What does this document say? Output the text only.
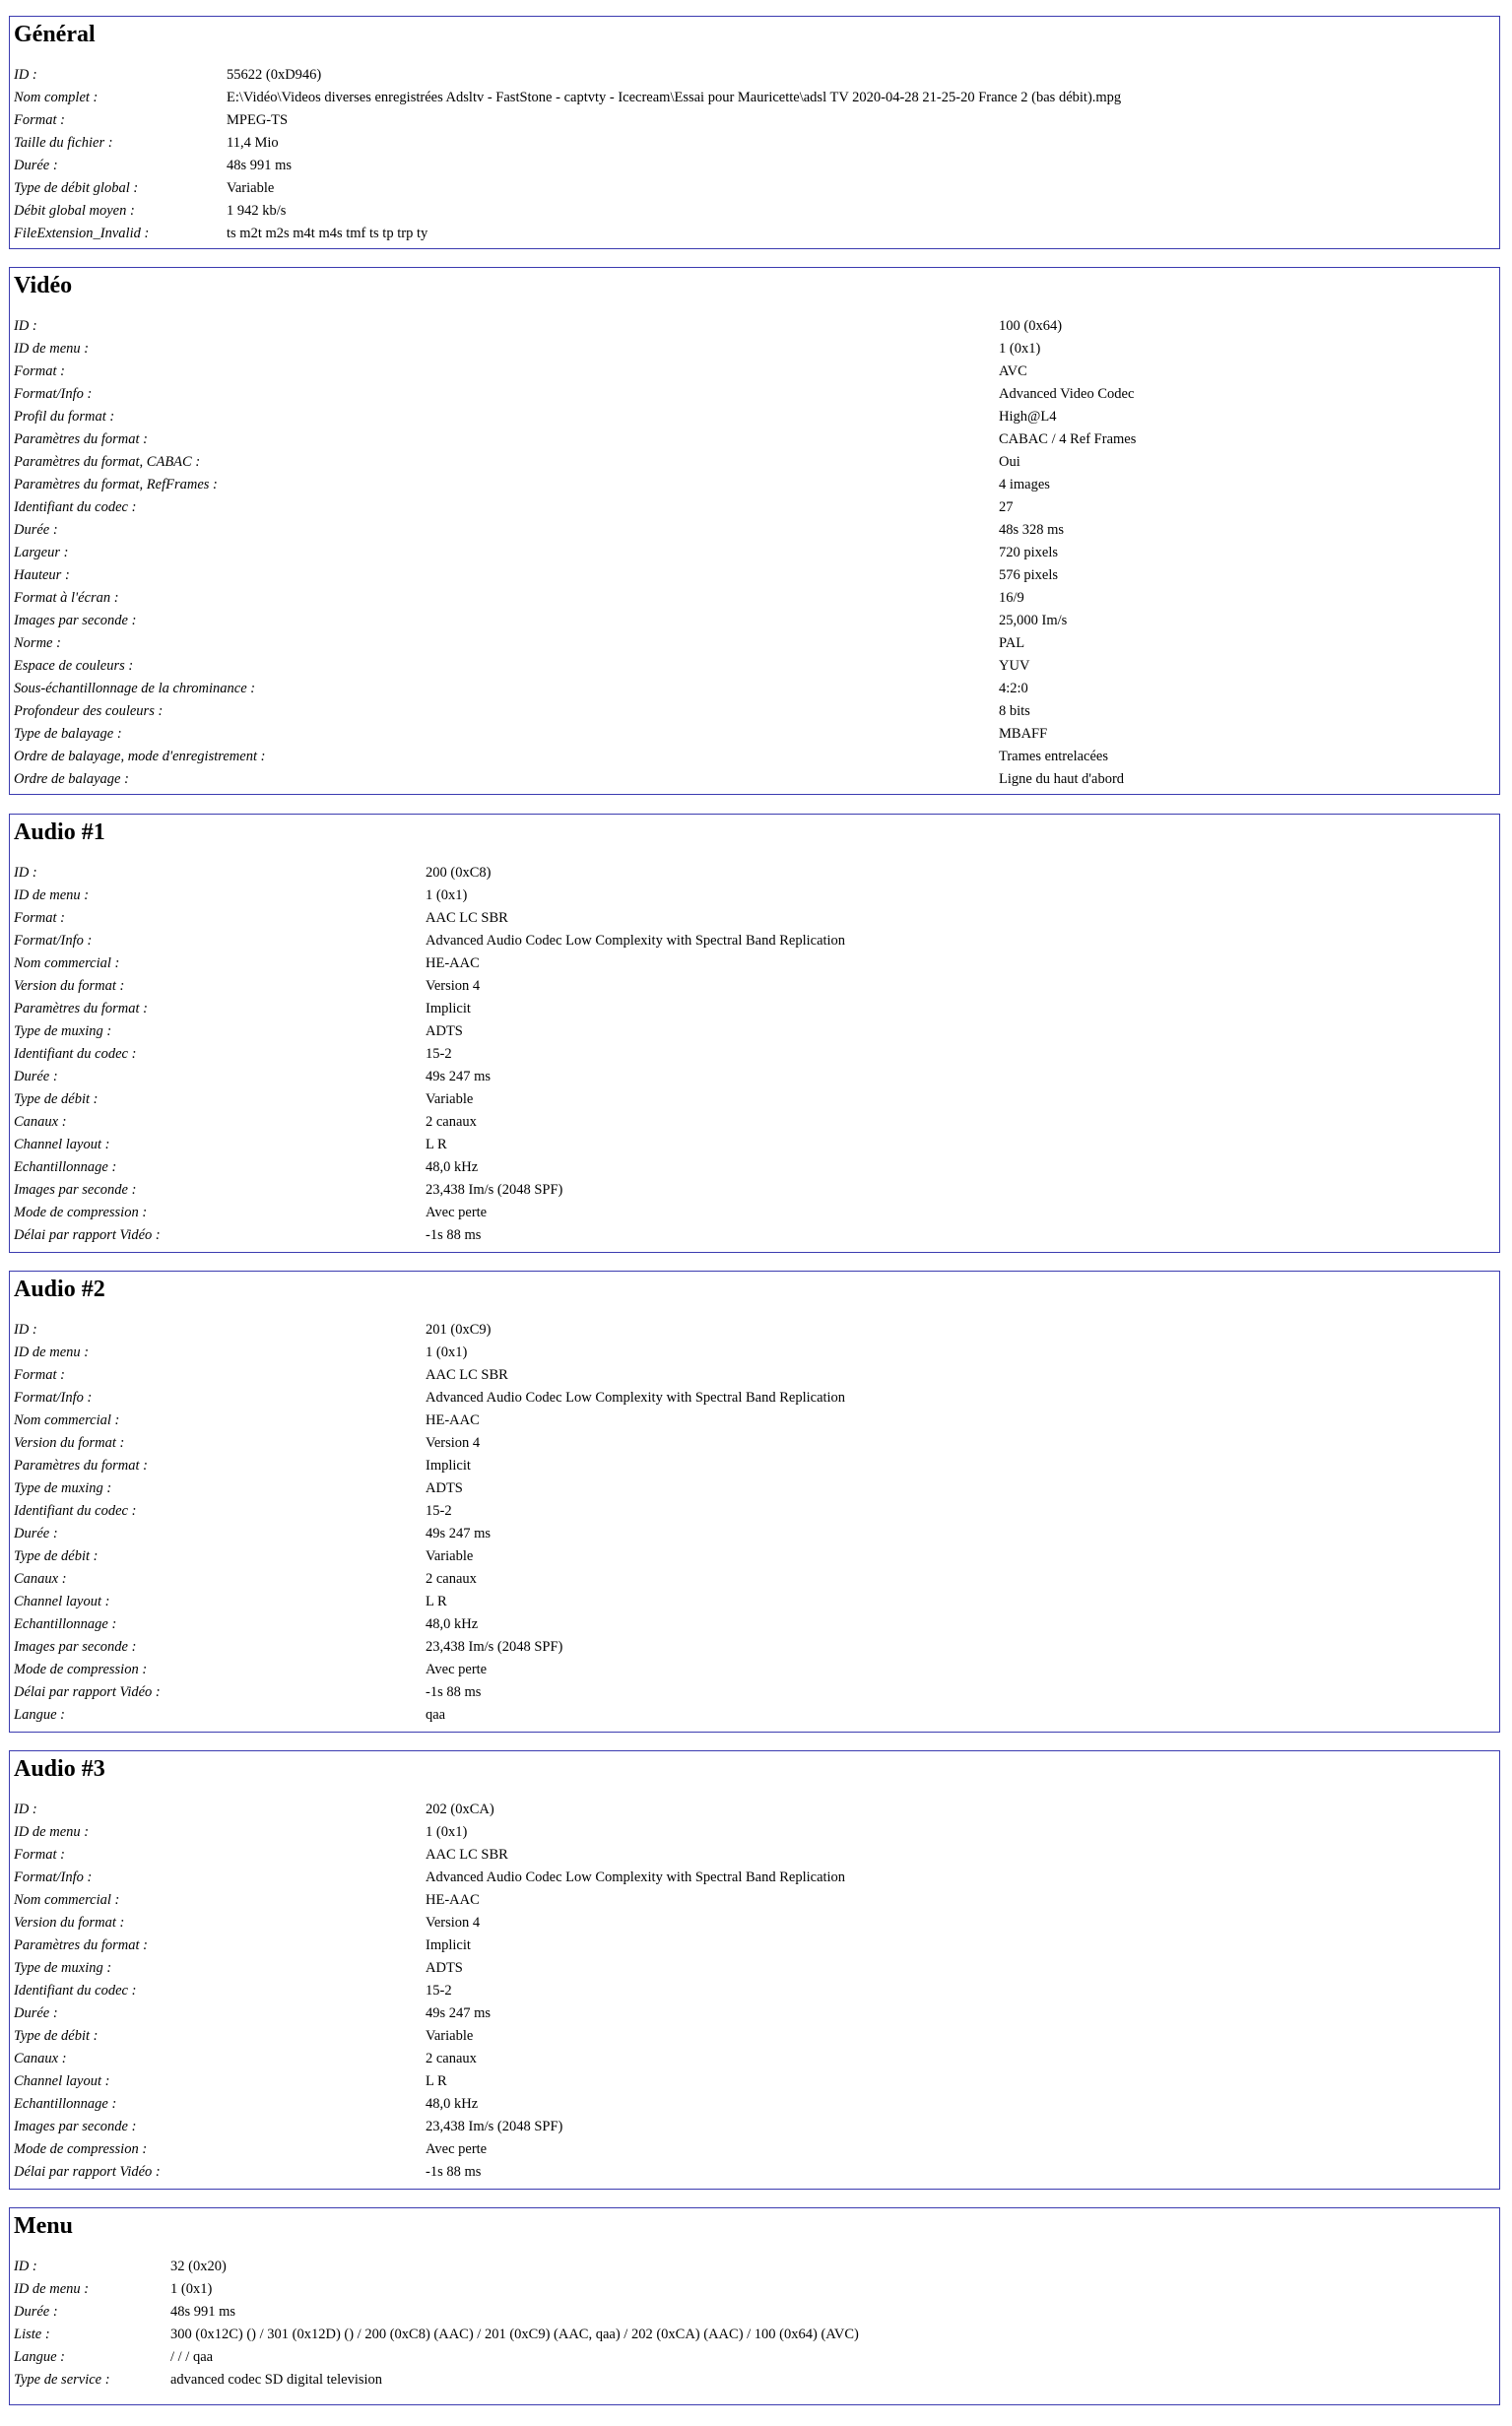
Général
ID :	55622 (0xD946)
Nom complet :	E:\Vidéo\Videos diverses enregistrées Adsltv - FastStone - captvty - Icecream\Essai pour Mauricette\adsl TV 2020-04-28 21-25-20 France 2 (bas débit).mpg
Format :	MPEG-TS
Taille du fichier :	11,4 Mio
Durée :	48s 991 ms
Type de débit global :	Variable
Débit global moyen :	1 942 kb/s
FileExtension_Invalid :	ts m2t m2s m4t m4s tmf ts tp trp ty
Vidéo
ID :	100 (0x64)
ID de menu :	1 (0x1)
Format :	AVC
Format/Info :	Advanced Video Codec
Profil du format :	High@L4
Paramètres du format :	CABAC / 4 Ref Frames
Paramètres du format, CABAC :	Oui
Paramètres du format, RefFrames :	4 images
Identifiant du codec :	27
Durée :	48s 328 ms
Largeur :	720 pixels
Hauteur :	576 pixels
Format à l'écran :	16/9
Images par seconde :	25,000 Im/s
Norme :	PAL
Espace de couleurs :	YUV
Sous-échantillonnage de la chrominance :	4:2:0
Profondeur des couleurs :	8 bits
Type de balayage :	MBAFF
Ordre de balayage, mode d'enregistrement :	Trames entrelacées
Ordre de balayage :	Ligne du haut d'abord
Audio #1
ID :	200 (0xC8)
ID de menu :	1 (0x1)
Format :	AAC LC SBR
Format/Info :	Advanced Audio Codec Low Complexity with Spectral Band Replication
Nom commercial :	HE-AAC
Version du format :	Version 4
Paramètres du format :	Implicit
Type de muxing :	ADTS
Identifiant du codec :	15-2
Durée :	49s 247 ms
Type de débit :	Variable
Canaux :	2 canaux
Channel layout :	L R
Echantillonnage :	48,0 kHz
Images par seconde :	23,438 Im/s (2048 SPF)
Mode de compression :	Avec perte
Délai par rapport Vidéo :	-1s 88 ms
Audio #2
ID :	201 (0xC9)
ID de menu :	1 (0x1)
Format :	AAC LC SBR
Format/Info :	Advanced Audio Codec Low Complexity with Spectral Band Replication
Nom commercial :	HE-AAC
Version du format :	Version 4
Paramètres du format :	Implicit
Type de muxing :	ADTS
Identifiant du codec :	15-2
Durée :	49s 247 ms
Type de débit :	Variable
Canaux :	2 canaux
Channel layout :	L R
Echantillonnage :	48,0 kHz
Images par seconde :	23,438 Im/s (2048 SPF)
Mode de compression :	Avec perte
Délai par rapport Vidéo :	-1s 88 ms
Langue :	qaa
Audio #3
ID :	202 (0xCA)
ID de menu :	1 (0x1)
Format :	AAC LC SBR
Format/Info :	Advanced Audio Codec Low Complexity with Spectral Band Replication
Nom commercial :	HE-AAC
Version du format :	Version 4
Paramètres du format :	Implicit
Type de muxing :	ADTS
Identifiant du codec :	15-2
Durée :	49s 247 ms
Type de débit :	Variable
Canaux :	2 canaux
Channel layout :	L R
Echantillonnage :	48,0 kHz
Images par seconde :	23,438 Im/s (2048 SPF)
Mode de compression :	Avec perte
Délai par rapport Vidéo :	-1s 88 ms
Menu
ID :	32 (0x20)
ID de menu :	1 (0x1)
Durée :	48s 991 ms
Liste :	300 (0x12C) () / 301 (0x12D) () / 200 (0xC8) (AAC) / 201 (0xC9) (AAC, qaa) / 202 (0xCA) (AAC) / 100 (0x64) (AVC)
Langue :	/ / / qaa
Type de service :	advanced codec SD digital television
